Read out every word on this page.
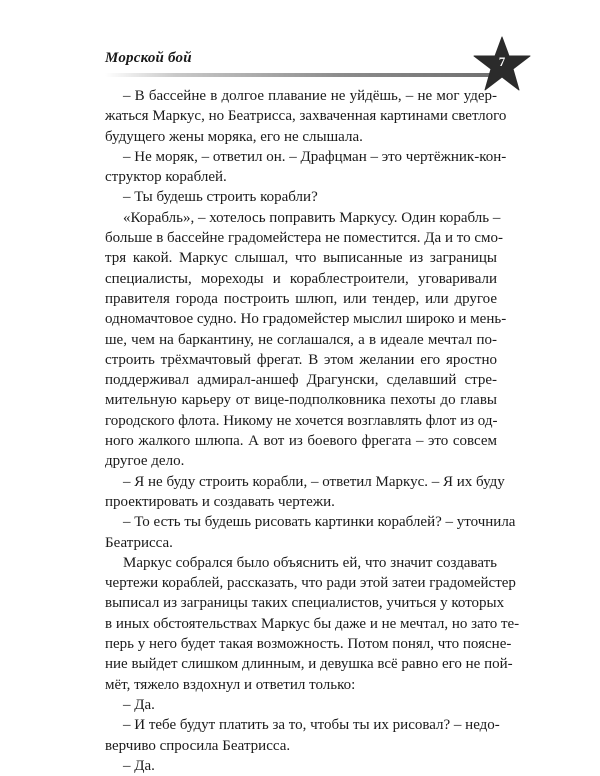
Морской бой	7
– В бассейне в долгое плавание не уйдёшь, – не мог удер-
жаться Маркус, но Беатрисса, захваченная картинами светлого
будущего жены моряка, его не слышала.
– Не моряк, – ответил он. – Драфцман – это чертёжник-кон-
структор кораблей.
– Ты будешь строить корабли?
«Корабль», – хотелось поправить Маркусу. Один корабль –
больше в бассейне градомейстера не поместится. Да и то смо-
тря какой. Маркус слышал, что выписанные из заграницы
специалисты, мореходы и кораблестроители, уговаривали
правителя города построить шлюп, или тендер, или другое
одномачтовое судно. Но градомейстер мыслил широко и мень-
ше, чем на баркантину, не соглашался, а в идеале мечтал по-
строить трёхмачтовый фрегат. В этом желании его яростно
поддерживал адмирал-аншеф Драгунски, сделавший стре-
мительную карьеру от вице-подполковника пехоты до главы
городского флота. Никому не хочется возглавлять флот из од-
ного жалкого шлюпа. А вот из боевого фрегата – это совсем
другое дело.
– Я не буду строить корабли, – ответил Маркус. – Я их буду
проектировать и создавать чертежи.
– То есть ты будешь рисовать картинки кораблей? – уточнила
Беатрисса.
Маркус собрался было объяснить ей, что значит создавать
чертежи кораблей, рассказать, что ради этой затеи градомейстер
выписал из заграницы таких специалистов, учиться у которых
в иных обстоятельствах Маркус бы даже и не мечтал, но зато те-
перь у него будет такая возможность. Потом понял, что поясне-
ние выйдет слишком длинным, и девушка всё равно его не пой-
мёт, тяжело вздохнул и ответил только:
– Да.
– И тебе будут платить за то, чтобы ты их рисовал? – недо-
верчиво спросила Беатрисса.
– Да.
